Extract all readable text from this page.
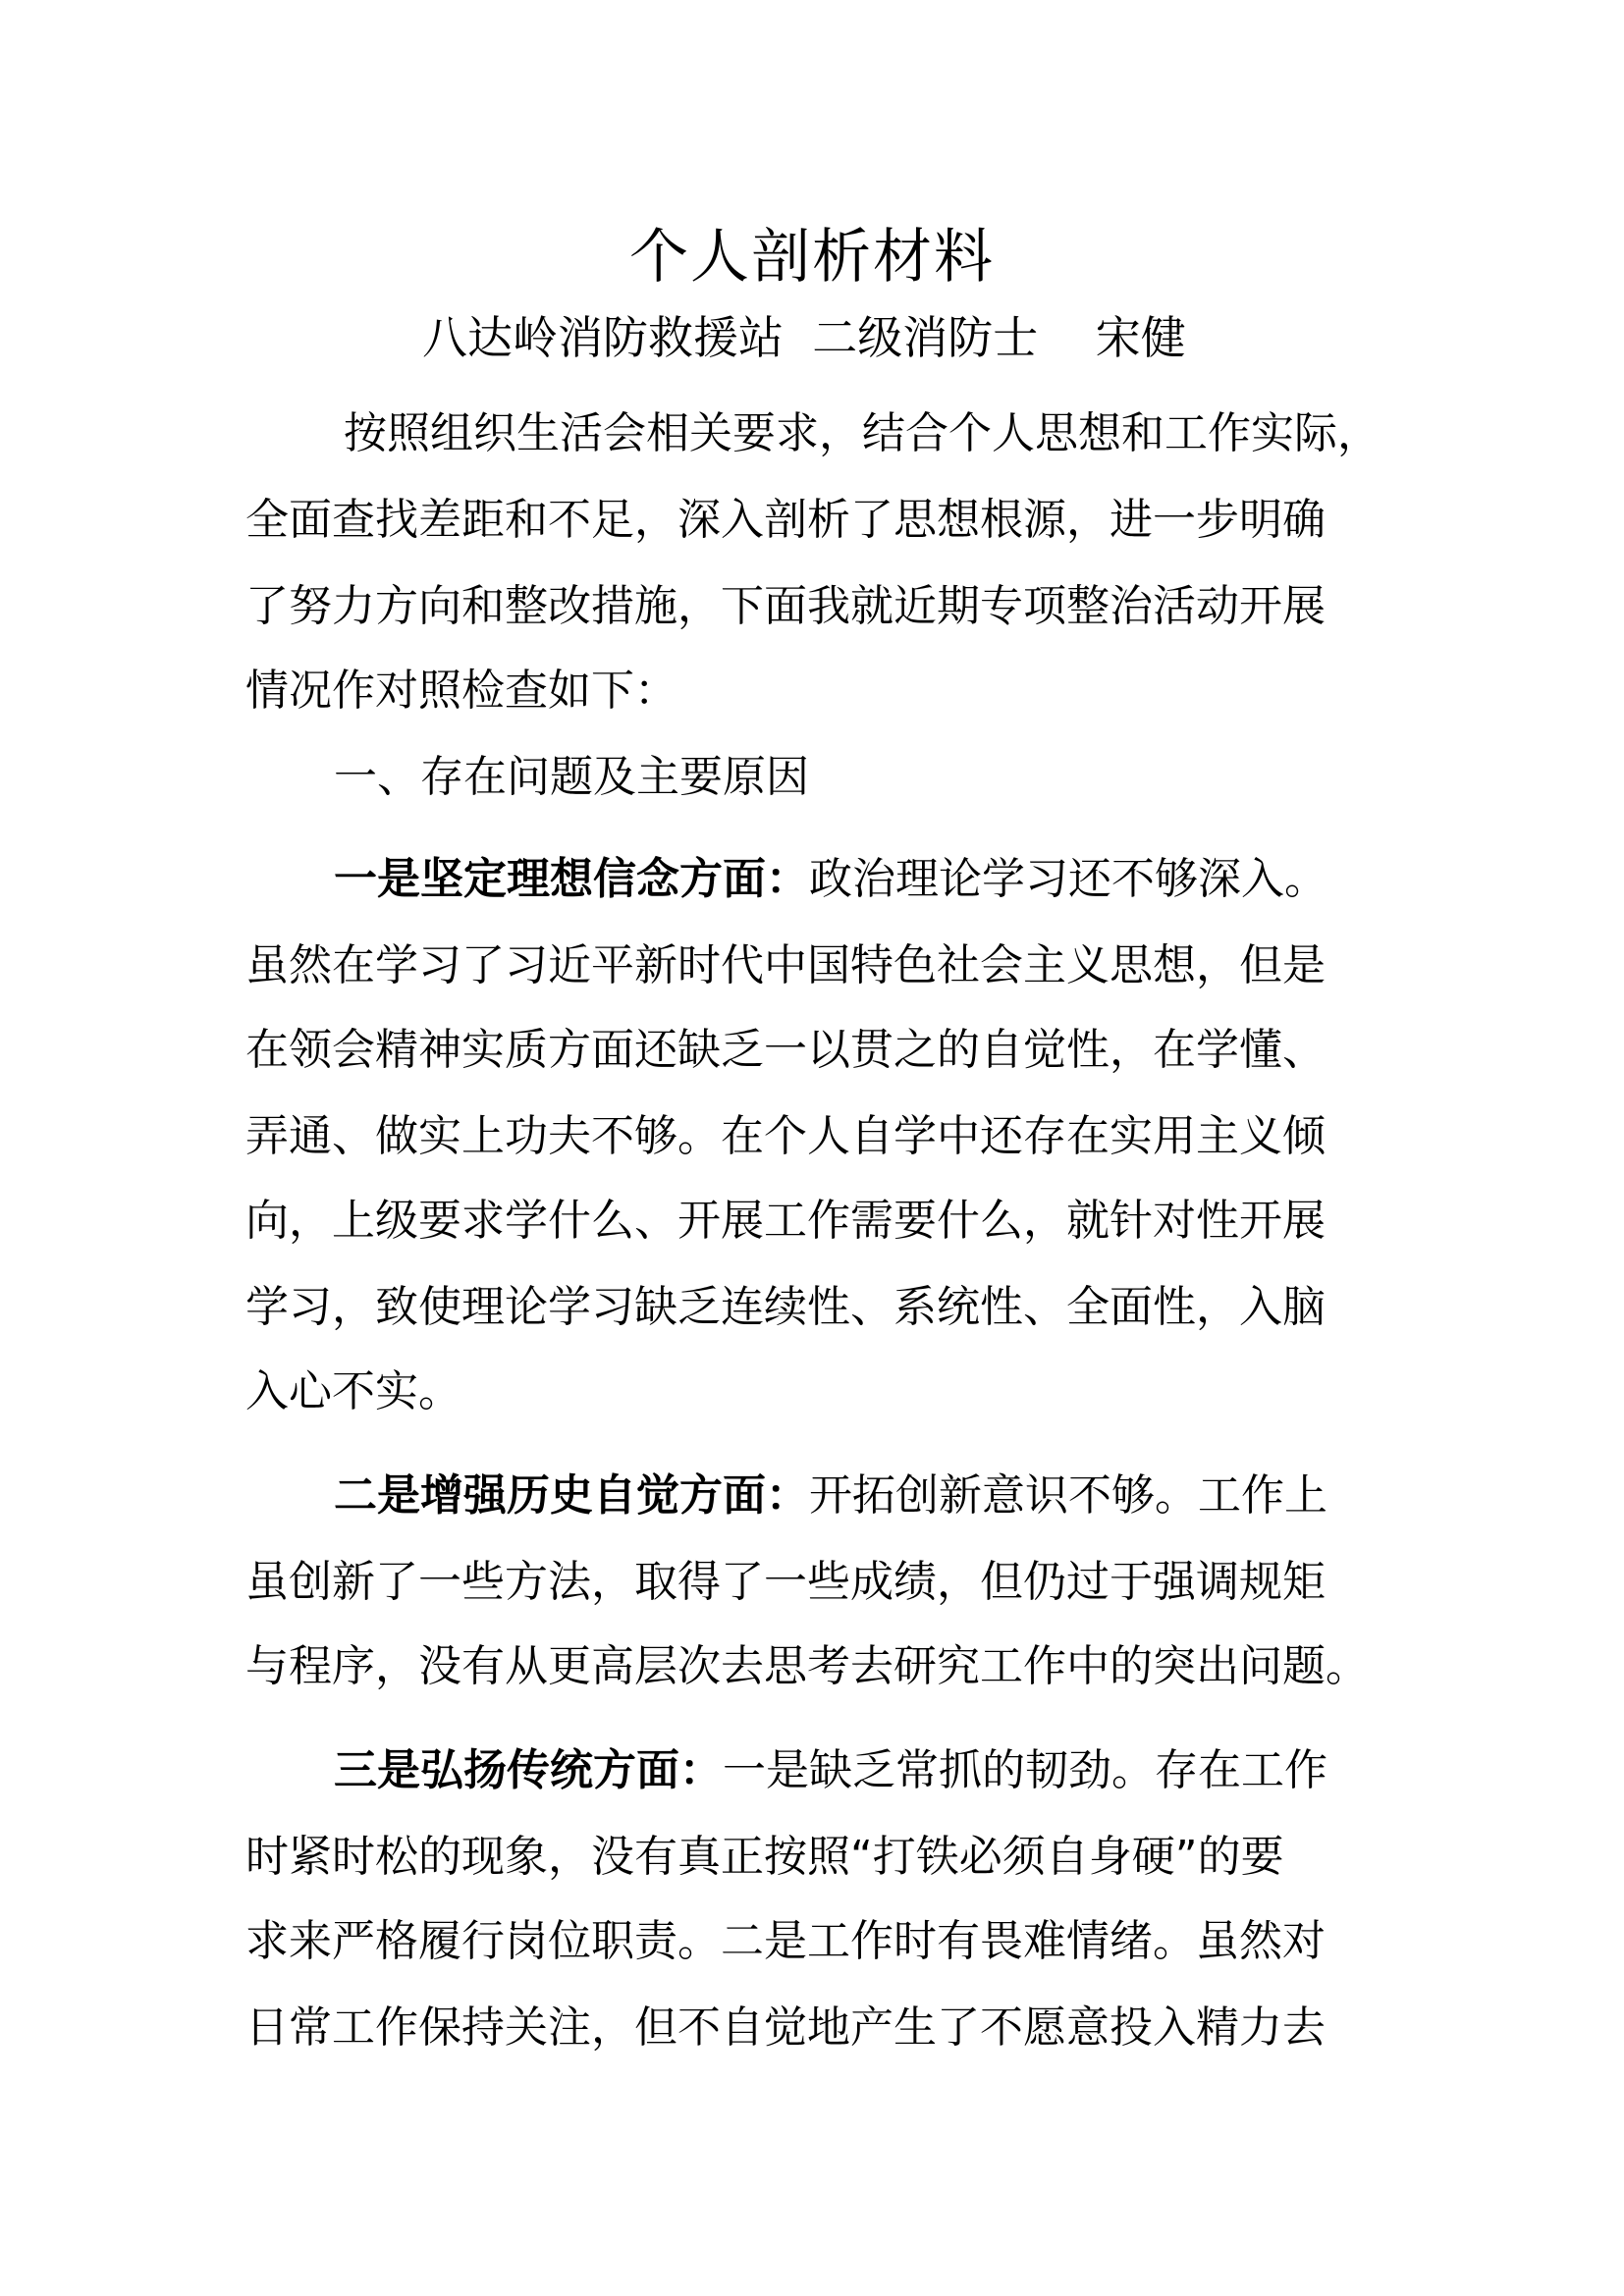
个人剖析材料
八达岭消防救援站  二级消防士    宋健
按照组织生活会相关要求，结合个人思想和工作实际，
全面查找差距和不足，深入剖析了思想根源，进一步明确
了努力方向和整改措施，下面我就近期专项整治活动开展
情况作对照检查如下：
一、存在问题及主要原因
一是坚定理想信念方面：政治理论学习还不够深入。
虽然在学习了习近平新时代中国特色社会主义思想，但是
在领会精神实质方面还缺乏一以贯之的自觉性，在学懂、
弄通、做实上功夫不够。在个人自学中还存在实用主义倾
向，上级要求学什么、开展工作需要什么，就针对性开展
学习，致使理论学习缺乏连续性、系统性、全面性，入脑
入心不实。
二是增强历史自觉方面：开拓创新意识不够。工作上
虽创新了一些方法，取得了一些成绩，但仍过于强调规矩
与程序，没有从更高层次去思考去研究工作中的突出问题。
三是弘扬传统方面：一是缺乏常抓的韧劲。存在工作
时紧时松的现象，没有真正按照“打铁必须自身硬”的要
求来严格履行岗位职责。二是工作时有畏难情绪。虽然对
日常工作保持关注，但不自觉地产生了不愿意投入精力去
